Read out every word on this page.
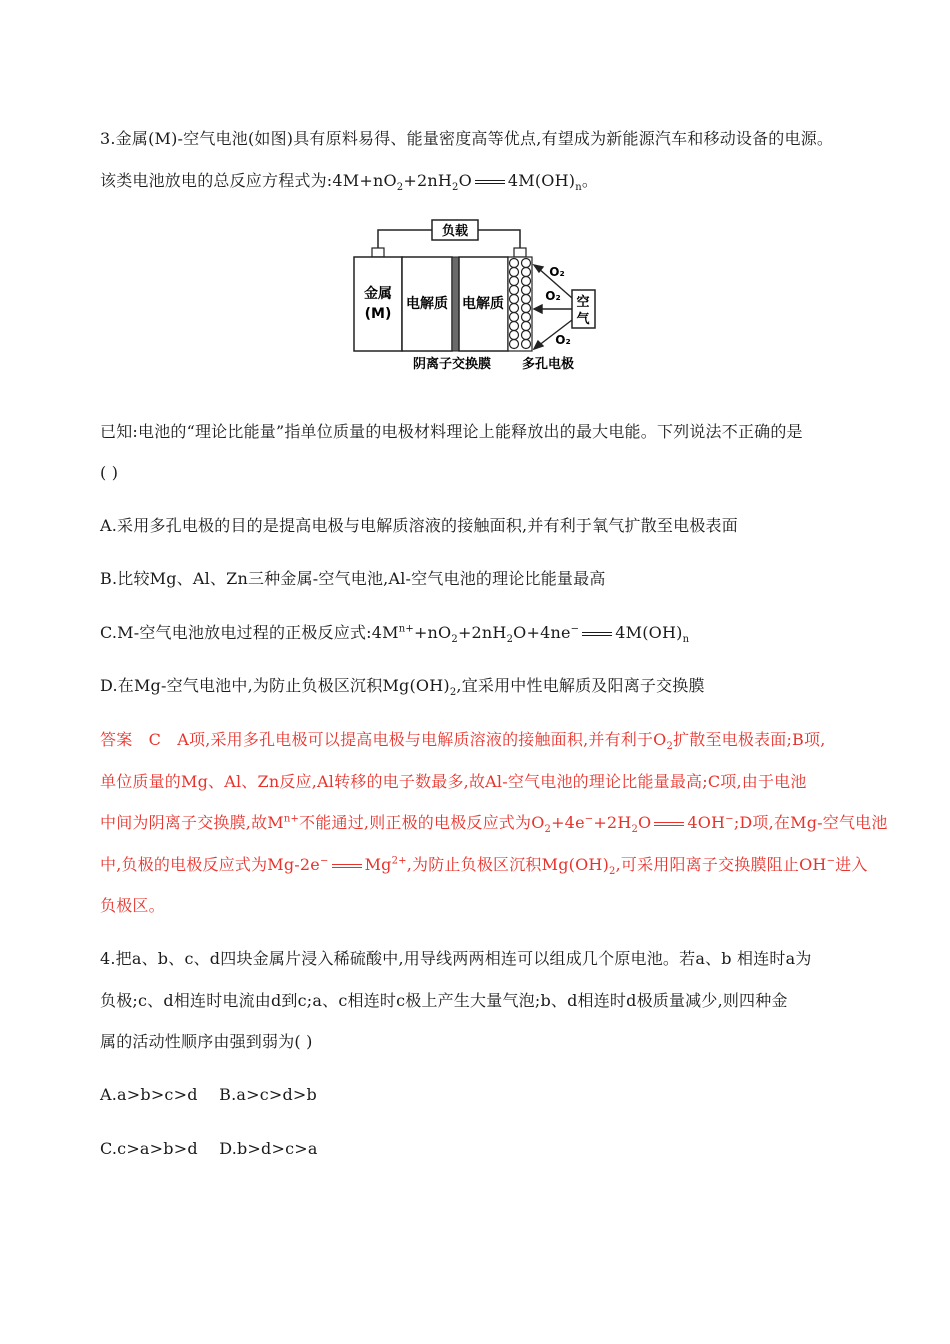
3.金属(M)-空气电池(如图)具有原料易得、能量密度高等优点,有望成为新能源汽车和移动设备的电源。
该类电池放电的总反应方程式为$:4M+nO_2+2nH_2O$ $4M(OH)_n$。
负载
金属
(M)
电解质 电解质	空
气
O₂
O₂
O₂
阴离子交换膜 多孔电极
已知:电池的“理论比能量”指单位质量的电极材料理论上能释放出的最大电能。下列说法不正确的是
( )
A.采用多孔电极的目的是提高电极与电解质溶液的接触面积,并有利于氧气扩散至电极表面
B.比较Mg、Al、Zn三种金属-空气电池,Al-空气电池的理论比能量最高
C.M-空气电池放电过程的正极反应式$:4M^{n+}+nO_2+2nH_2O+4ne^-$ $4M(OH)_n$
D.在Mg-空气电池中,为防止负极区沉积$Mg(OH)_2$,宜采用中性电解质及阳离子交换膜
答案　C　A项,采用多孔电极可以提高电极与电解质溶液的接触面积,并有利于$O_2$扩散至电极表面;B项,
单位质量的Mg、Al、Zn反应,Al转移的电子数最多,故Al-空气电池的理论比能量最高;C项,由于电池
中间为阴离子交换膜,故$M^{n+}$不能通过,则正极的电极反应式为$O_2+4e^-+2H_2O$ 4OH−;D项,在Mg-空气电池
中,负极的电极反应式为Mg-2e− $Mg^{2+}$,为防止负极区沉积$Mg(OH)_2$,可采用阳离子交换膜阻止OH−进入
负极区。
4.把a、b、c、d四块金属片浸入稀硫酸中,用导线两两相连可以组成几个原电池。若a、b 相连时a为
负极;c、d相连时电流由d到c;a、c相连时c极上产生大量气泡;b、d相连时d极质量减少,则四种金
属的活动性顺序由强到弱为( )
A.a>b>c>d　 B.a>c>d>b
C.c>a>b>d　 D.b>d>c>a
